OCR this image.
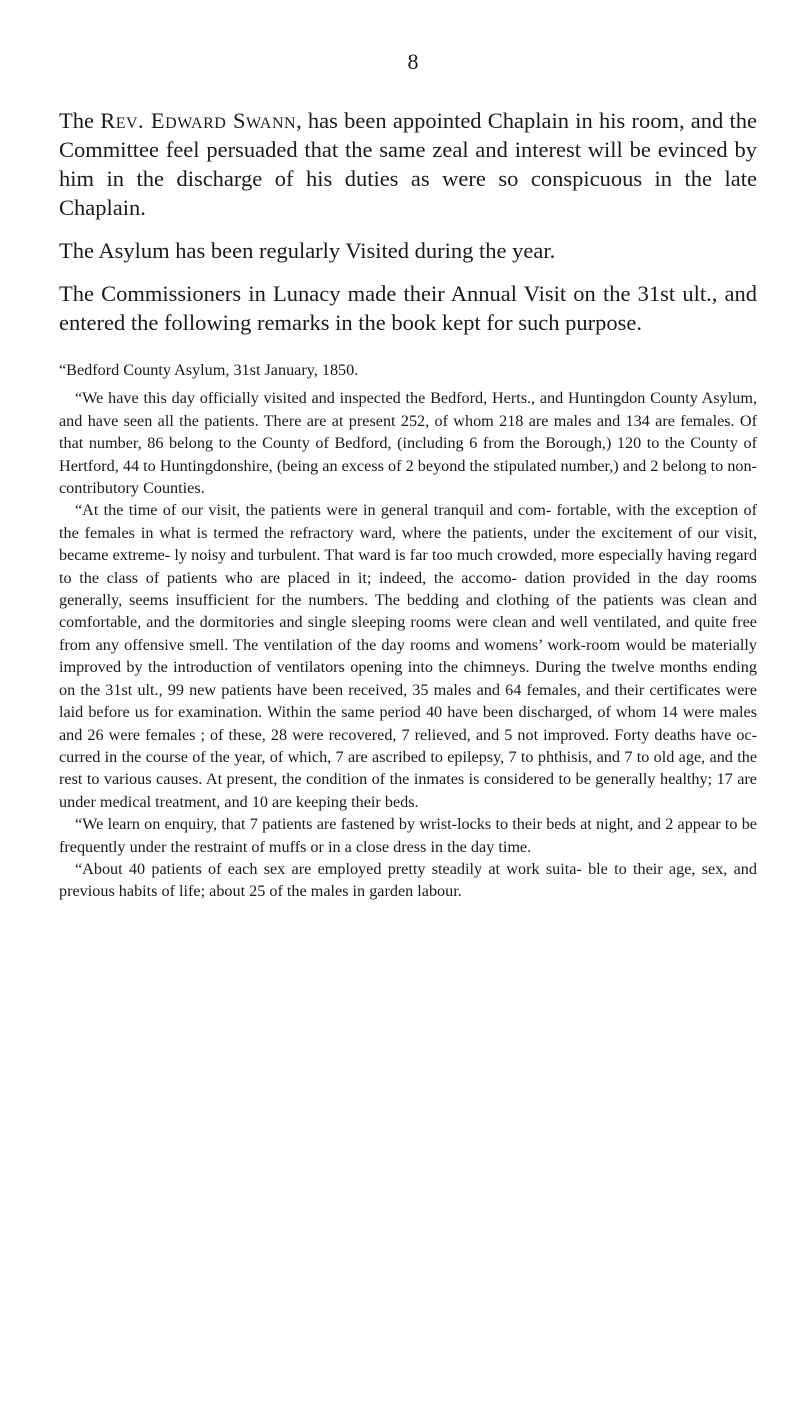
8

The Rev. Edward Swann, has been appointed Chaplain in his room, and the Committee feel persuaded that the same zeal and interest will be evinced by him in the discharge of his duties as were so conspicuous in the late Chaplain.

The Asylum has been regularly Visited during the year.

The Commissioners in Lunacy made their Annual Visit on the 31st ult., and entered the following remarks in the book kept for such purpose.

“Bedford County Asylum, 31st January, 1850.

“We have this day officially visited and inspected the Bedford, Herts., and Huntingdon County Asylum, and have seen all the patients. There are at present 252, of whom 218 are males and 134 are females. Of that number, 86 belong to the County of Bedford, (including 6 from the Borough,) 120 to the County of Hertford, 44 to Huntingdonshire, (being an excess of 2 beyond the stipulated number,) and 2 belong to non-contributory Counties.

“At the time of our visit, the patients were in general tranquil and com- fortable, with the exception of the females in what is termed the refractory ward, where the patients, under the excitement of our visit, became extreme- ly noisy and turbulent. That ward is far too much crowded, more especially having regard to the class of patients who are placed in it; indeed, the accomo- dation provided in the day rooms generally, seems insufficient for the numbers. The bedding and clothing of the patients was clean and comfortable, and the dormitories and single sleeping rooms were clean and well ventilated, and quite free from any offensive smell. The ventilation of the day rooms and womens’ work-room would be materially improved by the introduction of ventilators opening into the chimneys. During the twelve months ending on the 31st ult., 99 new patients have been received, 35 males and 64 females, and their certificates were laid before us for examination. Within the same period 40 have been discharged, of whom 14 were males and 26 were females ; of these, 28 were recovered, 7 relieved, and 5 not improved. Forty deaths have oc- curred in the course of the year, of which, 7 are ascribed to epilepsy, 7 to phthisis, and 7 to old age, and the rest to various causes. At present, the condition of the inmates is considered to be generally healthy; 17 are under medical treatment, and 10 are keeping their beds.

“We learn on enquiry, that 7 patients are fastened by wrist-locks to their beds at night, and 2 appear to be frequently under the restraint of muffs or in a close dress in the day time.

“About 40 patients of each sex are employed pretty steadily at work suita- ble to their age, sex, and previous habits of life; about 25 of the males in garden labour.
